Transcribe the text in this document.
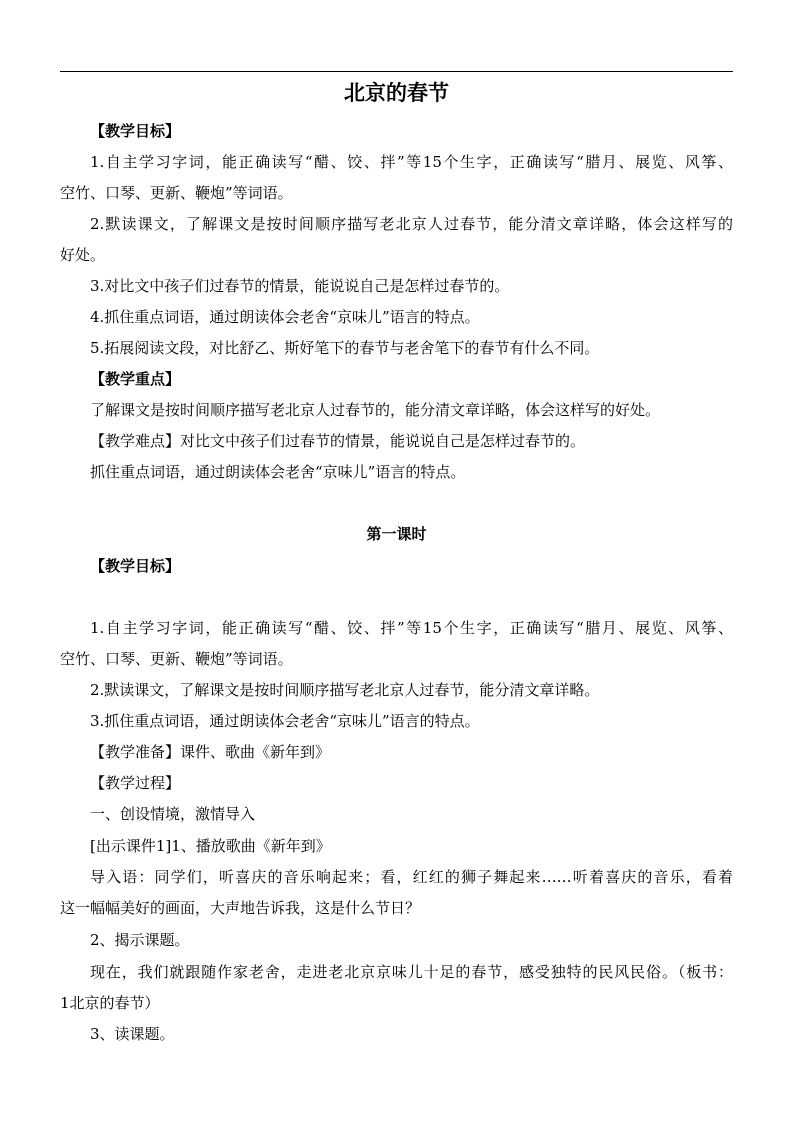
北京的春节
【教学目标】
1.自主学习字词，能正确读写“醋、饺、拌”等15个生字，正确读写“腊月、展览、风筝、
空竹、口琴、更新、鞭炮”等词语。
2.默读课文，了解课文是按时间顺序描写老北京人过春节，能分清文章详略，体会这样写的
好处。
3.对比文中孩子们过春节的情景，能说说自己是怎样过春节的。
4.抓住重点词语，通过朗读体会老舍“京味儿”语言的特点。
5.拓展阅读文段，对比舒乙、斯妤笔下的春节与老舍笔下的春节有什么不同。
【教学重点】
了解课文是按时间顺序描写老北京人过春节的，能分清文章详略，体会这样写的好处。
【教学难点】对比文中孩子们过春节的情景，能说说自己是怎样过春节的。
抓住重点词语，通过朗读体会老舍“京味儿”语言的特点。
第一课时
【教学目标】
1.自主学习字词，能正确读写“醋、饺、拌”等15个生字，正确读写“腊月、展览、风筝、
空竹、口琴、更新、鞭炮”等词语。
2.默读课文，了解课文是按时间顺序描写老北京人过春节，能分清文章详略。
3.抓住重点词语，通过朗读体会老舍“京味儿”语言的特点。
【教学准备】课件、歌曲《新年到》
【教学过程】
一、创设情境，激情导入
[出示课件1]1、播放歌曲《新年到》
导入语：同学们，听喜庆的音乐响起来；看，红红的狮子舞起来……听着喜庆的音乐，看着
这一幅幅美好的画面，大声地告诉我，这是什么节日？
2、揭示课题。
现在，我们就跟随作家老舍，走进老北京京味儿十足的春节，感受独特的民风民俗。（板书：
1北京的春节）
3、读课题。
